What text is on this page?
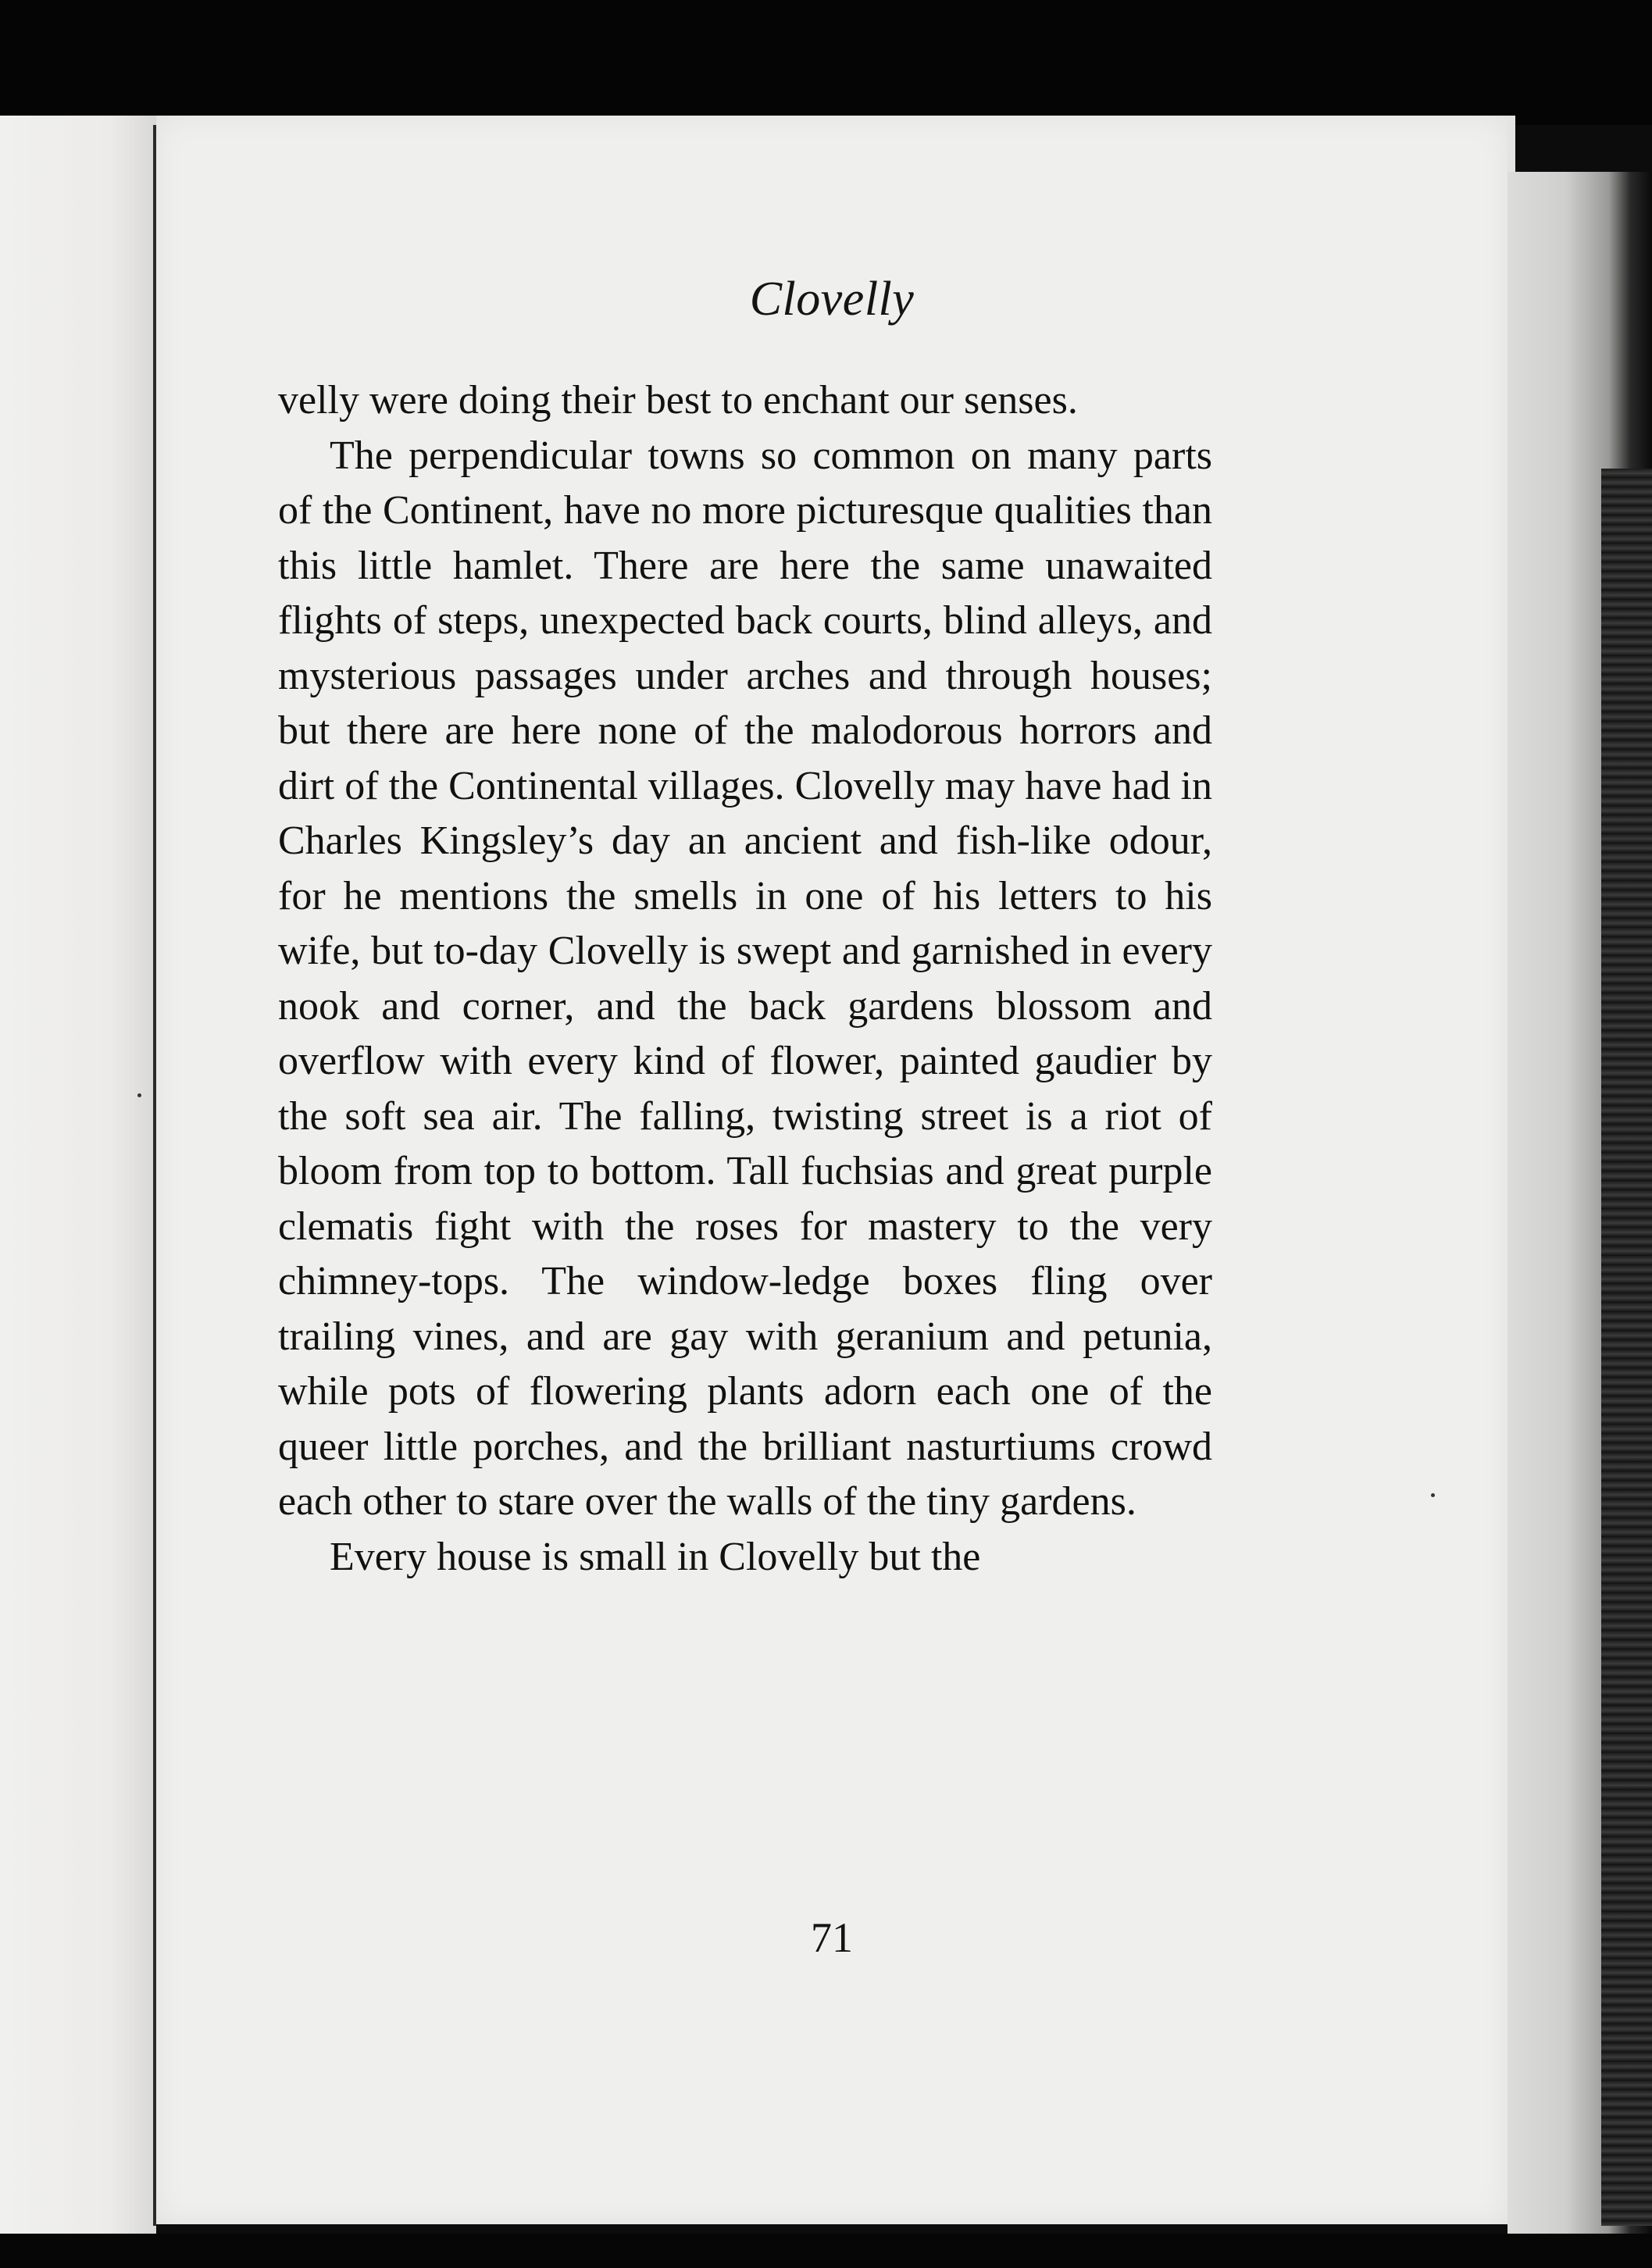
Clovelly

velly were doing their best to enchant our senses.

The perpendicular towns so common on many parts of the Continent, have no more picturesque qualities than this little hamlet. There are here the same unawaited flights of steps, unexpected back courts, blind alleys, and mysterious passages under arches and through houses; but there are here none of the malodorous horrors and dirt of the Continental villages. Clovelly may have had in Charles Kingsley’s day an ancient and fish-like odour, for he mentions the smells in one of his letters to his wife, but to-day Clovelly is swept and garnished in every nook and corner, and the back gardens blossom and overflow with every kind of flower, painted gaudier by the soft sea air. The falling, twisting street is a riot of bloom from top to bottom. Tall fuchsias and great purple clematis fight with the roses for mastery to the very chimney-tops. The window-ledge boxes fling over trailing vines, and are gay with geranium and petunia, while pots of flowering plants adorn each one of the queer little porches, and the brilliant nasturtiums crowd each other to stare over the walls of the tiny gardens.

Every house is small in Clovelly but the

71
